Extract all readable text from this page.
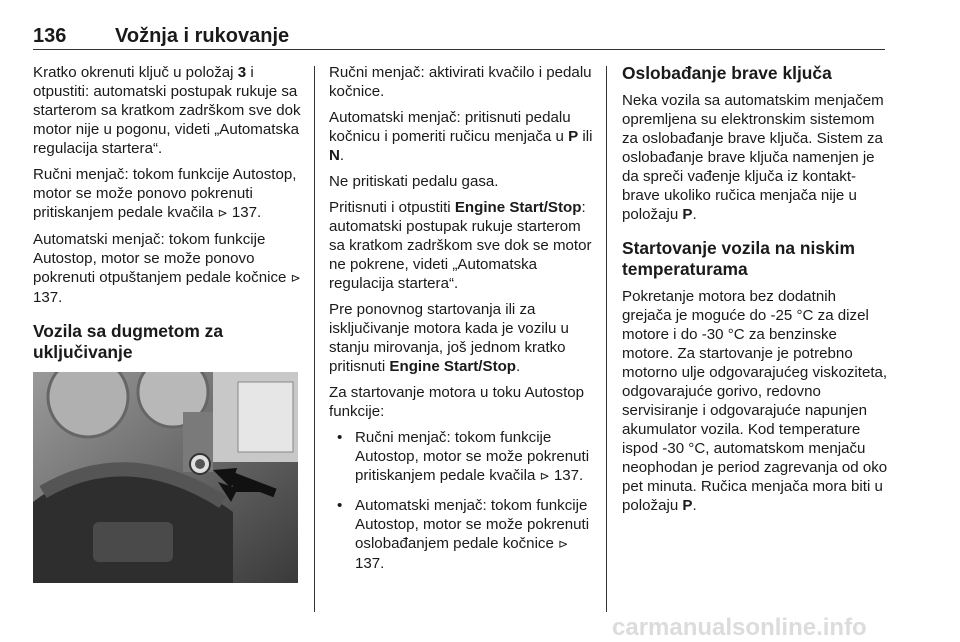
136 Vožnja i rukovanje

Kratko okrenuti ključ u položaj 3 i otpustiti: automatski postupak rukuje sa starterom sa kratkom zadrškom sve dok motor nije u pogonu, videti „Automatska regulacija startera“.

Ručni menjač: tokom funkcije Autostop, motor se može ponovo pokrenuti pritiskanjem pedale kvačila ⊳ 137.

Automatski menjač: tokom funkcije Autostop, motor se može ponovo pokrenuti otpuštanjem pedale kočnice ⊳ 137.

Vozila sa dugmetom za uključivanje

Ručni menjač: aktivirati kvačilo i pedalu kočnice.

Automatski menjač: pritisnuti pedalu kočnicu i pomeriti ručicu menjača u P ili N.

Ne pritiskati pedalu gasa.

Pritisnuti i otpustiti Engine Start/Stop: automatski postupak rukuje starterom sa kratkom zadrškom sve dok se motor ne pokrene, videti „Automatska regulacija startera“.

Pre ponovnog startovanja ili za isključivanje motora kada je vozilu u stanju mirovanja, još jednom kratko pritisnuti Engine Start/Stop.

Za startovanje motora u toku Autostop funkcije:

• Ručni menjač: tokom funkcije Autostop, motor se može pokrenuti pritiskanjem pedale kvačila ⊳ 137.
• Automatski menjač: tokom funkcije Autostop, motor se može pokrenuti oslobađanjem pedale kočnice ⊳ 137.
Oslobađanje brave ključa

Neka vozila sa automatskim menjačem opremljena su elektronskim sistemom za oslobađanje brave ključa. Sistem za oslobađanje brave ključa namenjen je da spreči vađenje ključa iz kontakt-brave ukoliko ručica menjača nije u položaju P.

Startovanje vozila na niskim temperaturama

Pokretanje motora bez dodatnih grejača je moguće do -25 °C za dizel motore i do -30 °C za benzinske motore. Za startovanje je potrebno motorno ulje odgovarajućeg viskoziteta, odgovarajuće gorivo, redovno servisiranje i odgovarajuće napunjen akumulator vozila. Kod temperature ispod -30 °C, automatskom menjaču neophodan je period zagrevanja od oko pet minuta. Ručica menjača mora biti u položaju P.

carmanualsonline.info
